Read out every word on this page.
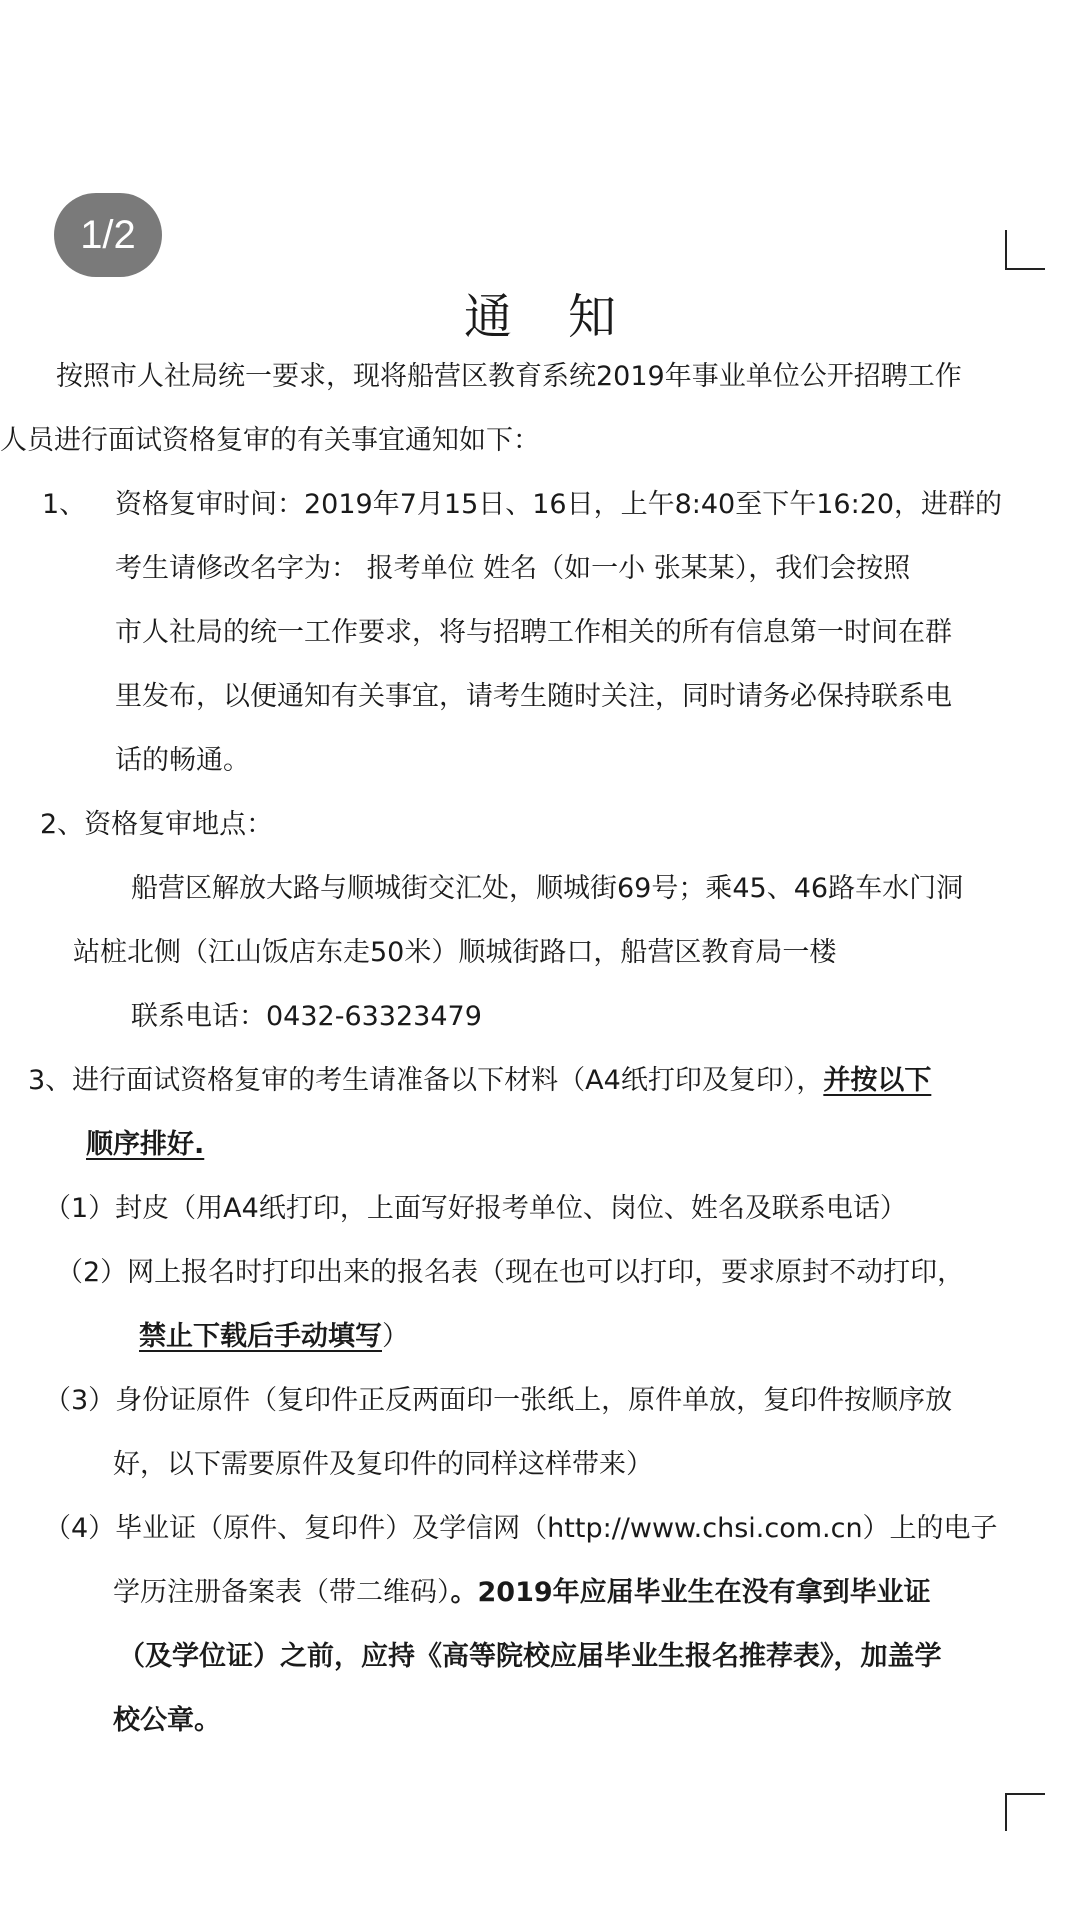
1/2
通知
按照市人社局统一要求，现将船营区教育系统2019年事业单位公开招聘工作
人员进行面试资格复审的有关事宜通知如下：
1、 资格复审时间：2019年7月15日、16日，上午8:40至下午16:20，进群的
考生请修改名字为： 报考单位 姓名（如一小 张某某），我们会按照
市人社局的统一工作要求，将与招聘工作相关的所有信息第一时间在群
里发布，以便通知有关事宜，请考生随时关注，同时请务必保持联系电
话的畅通。
2、资格复审地点：
船营区解放大路与顺城街交汇处，顺城街69号；乘45、46路车水门洞
站桩北侧（江山饭店东走50米）顺城街路口，船营区教育局一楼
联系电话：0432-63323479
3、进行面试资格复审的考生请准备以下材料（A4纸打印及复印），并按以下
顺序排好.
（1）封皮（用A4纸打印，上面写好报考单位、岗位、姓名及联系电话）
（2）网上报名时打印出来的报名表（现在也可以打印，要求原封不动打印，
禁止下载后手动填写）
（3）身份证原件（复印件正反两面印一张纸上，原件单放，复印件按顺序放
好，以下需要原件及复印件的同样这样带来）
（4）毕业证（原件、复印件）及学信网（http://www.chsi.com.cn）上的电子
学历注册备案表（带二维码）。2019年应届毕业生在没有拿到毕业证
（及学位证）之前，应持《高等院校应届毕业生报名推荐表》，加盖学
校公章。
